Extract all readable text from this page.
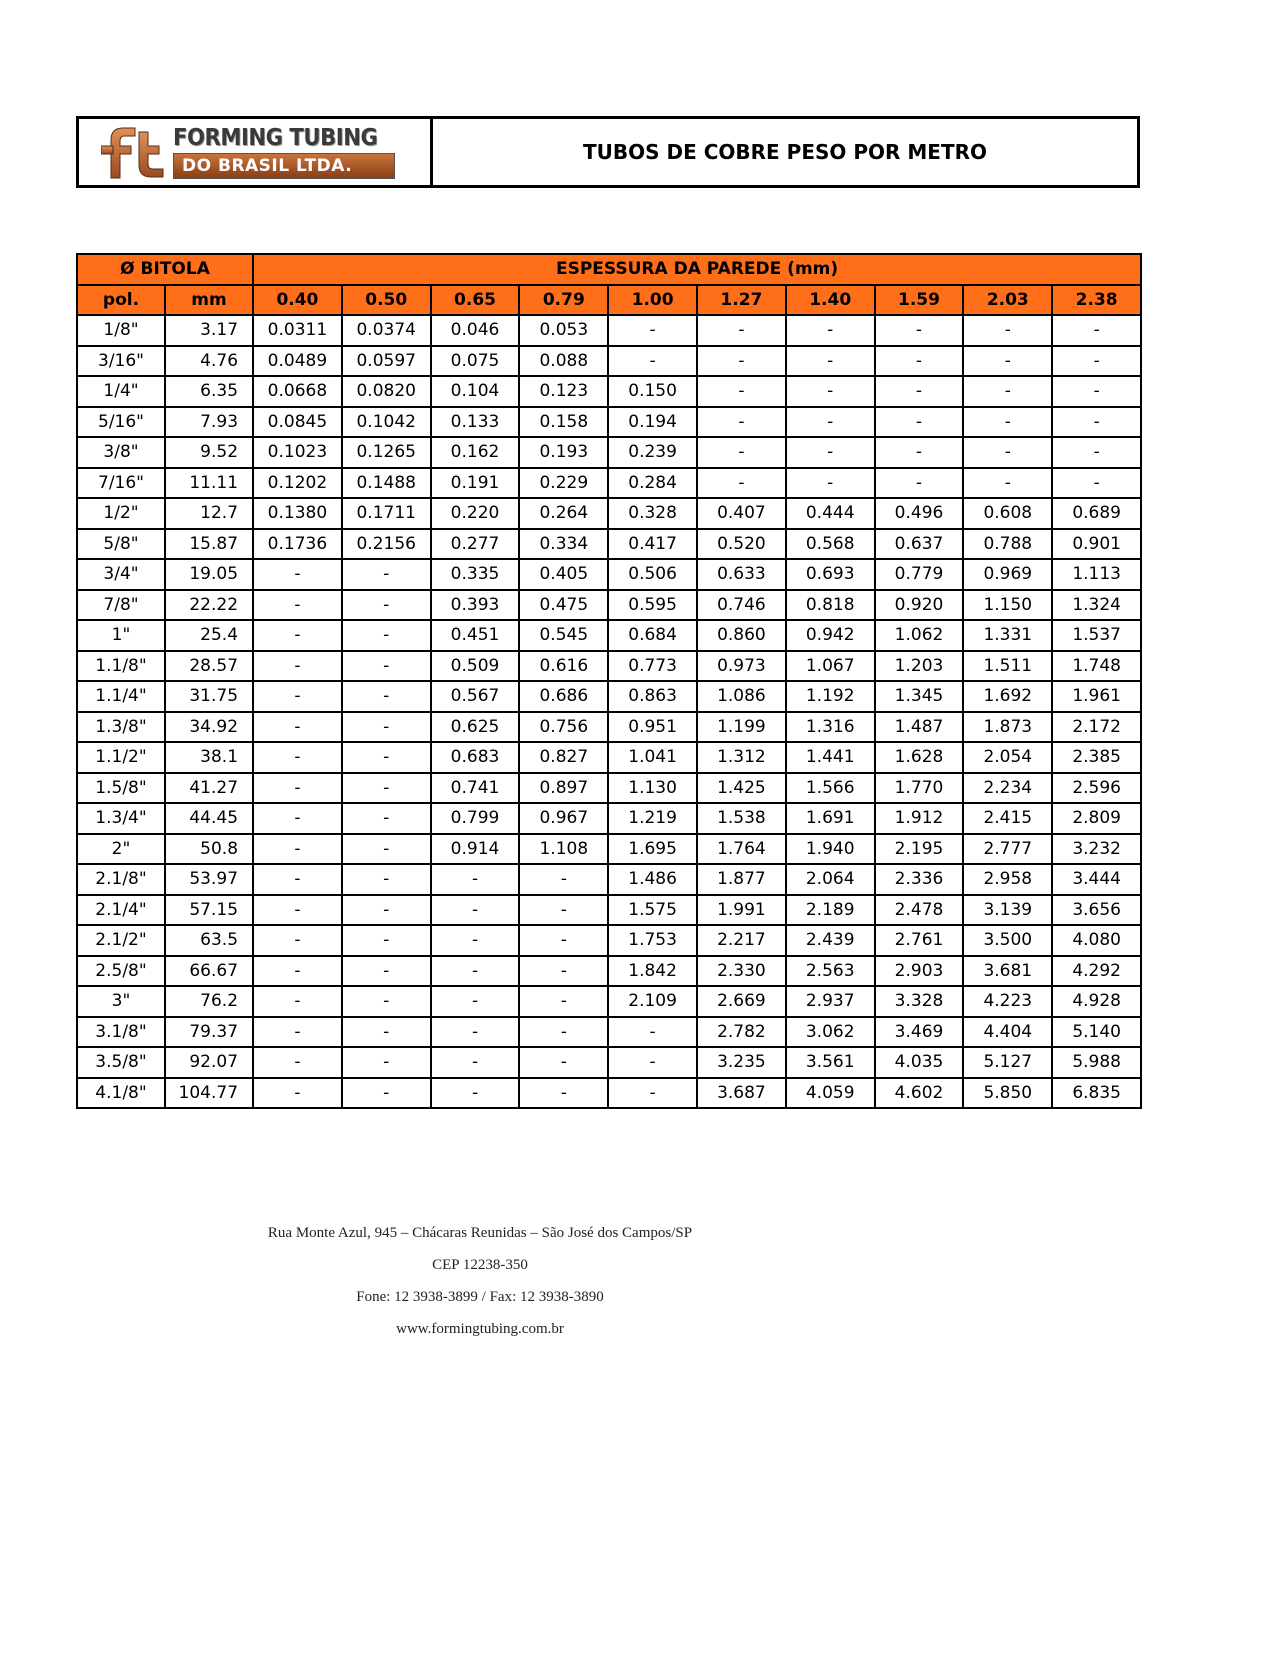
FORMING TUBING
DO BRASIL LTDA.
TUBOS DE COBRE PESO POR METRO
Ø BITOLA		ESPESSURA DA PAREDE (mm)									
pol.	mm	0.40	0.50	0.65	0.79	1.00	1.27	1.40	1.59	2.03	2.38
1/8"	3.17	0.0311	0.0374	0.046	0.053	-	-	-	-	-	-
3/16"	4.76	0.0489	0.0597	0.075	0.088	-	-	-	-	-	-
1/4"	6.35	0.0668	0.0820	0.104	0.123	0.150	-	-	-	-	-
5/16"	7.93	0.0845	0.1042	0.133	0.158	0.194	-	-	-	-	-
3/8"	9.52	0.1023	0.1265	0.162	0.193	0.239	-	-	-	-	-
7/16"	11.11	0.1202	0.1488	0.191	0.229	0.284	-	-	-	-	-
1/2"	12.7	0.1380	0.1711	0.220	0.264	0.328	0.407	0.444	0.496	0.608	0.689
5/8"	15.87	0.1736	0.2156	0.277	0.334	0.417	0.520	0.568	0.637	0.788	0.901
3/4"	19.05	-	-	0.335	0.405	0.506	0.633	0.693	0.779	0.969	1.113
7/8"	22.22	-	-	0.393	0.475	0.595	0.746	0.818	0.920	1.150	1.324
1"	25.4	-	-	0.451	0.545	0.684	0.860	0.942	1.062	1.331	1.537
1.1/8"	28.57	-	-	0.509	0.616	0.773	0.973	1.067	1.203	1.511	1.748
1.1/4"	31.75	-	-	0.567	0.686	0.863	1.086	1.192	1.345	1.692	1.961
1.3/8"	34.92	-	-	0.625	0.756	0.951	1.199	1.316	1.487	1.873	2.172
1.1/2"	38.1	-	-	0.683	0.827	1.041	1.312	1.441	1.628	2.054	2.385
1.5/8"	41.27	-	-	0.741	0.897	1.130	1.425	1.566	1.770	2.234	2.596
1.3/4"	44.45	-	-	0.799	0.967	1.219	1.538	1.691	1.912	2.415	2.809
2"	50.8	-	-	0.914	1.108	1.695	1.764	1.940	2.195	2.777	3.232
2.1/8"	53.97	-	-	-	-	1.486	1.877	2.064	2.336	2.958	3.444
2.1/4"	57.15	-	-	-	-	1.575	1.991	2.189	2.478	3.139	3.656
2.1/2"	63.5	-	-	-	-	1.753	2.217	2.439	2.761	3.500	4.080
2.5/8"	66.67	-	-	-	-	1.842	2.330	2.563	2.903	3.681	4.292
3"	76.2	-	-	-	-	2.109	2.669	2.937	3.328	4.223	4.928
3.1/8"	79.37	-	-	-	-	-	2.782	3.062	3.469	4.404	5.140
3.5/8"	92.07	-	-	-	-	-	3.235	3.561	4.035	5.127	5.988
4.1/8"	104.77	-	-	-	-	-	3.687	4.059	4.602	5.850	6.835
Rua Monte Azul, 945 – Chácaras Reunidas – São José dos Campos/SP
CEP 12238-350
Fone: 12 3938-3899 / Fax: 12 3938-3890
www.formingtubing.com.br
